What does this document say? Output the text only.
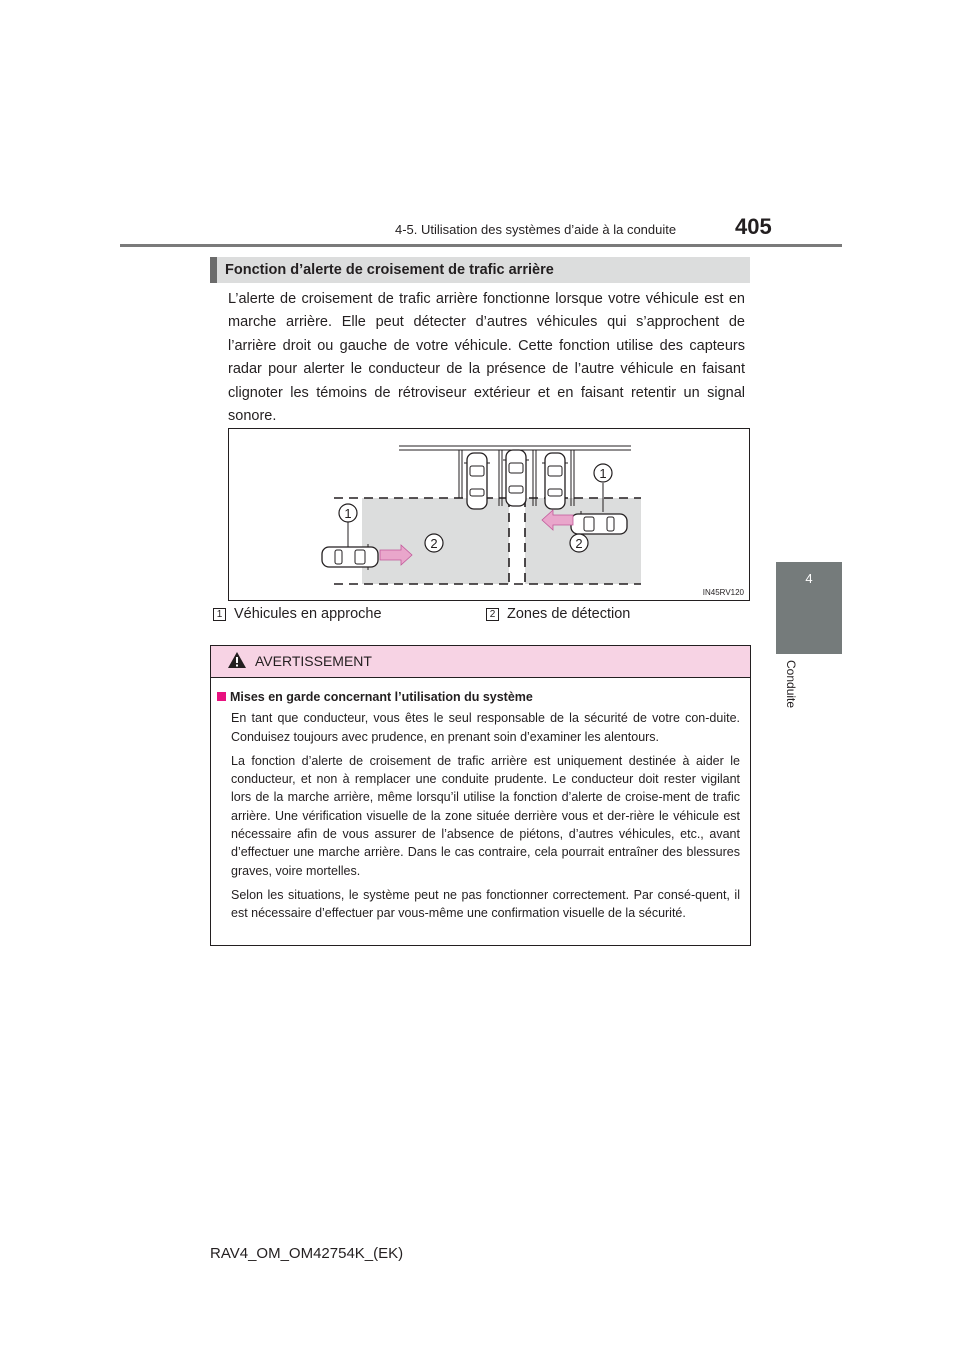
4-5. Utilisation des systèmes d’aide à la conduite	405
4
Conduite
Fonction d’alerte de croisement de trafic arrière
L’alerte de croisement de trafic arrière fonctionne lorsque votre véhicule est en marche arrière. Elle peut détecter d’autres véhicules qui s’approchent de l’arrière droit ou gauche de votre véhicule. Cette fonction utilise des capteurs radar pour alerter le conducteur de la présence de l’autre véhicule en faisant clignoter les témoins de rétroviseur extérieur et en faisant retentir un signal sonore.
1
1
2	2
IN45RV120
1 Véhicules en approche	2 Zones de détection
AVERTISSEMENT
Mises en garde concernant l’utilisation du système

En tant que conducteur, vous êtes le seul responsable de la sécurité de votre con-duite. Conduisez toujours avec prudence, en prenant soin d’examiner les alentours.

La fonction d’alerte de croisement de trafic arrière est uniquement destinée à aider le conducteur, et non à remplacer une conduite prudente. Le conducteur doit rester vigilant lors de la marche arrière, même lorsqu’il utilise la fonction d’alerte de croise-ment de trafic arrière. Une vérification visuelle de la zone située derrière vous et der-rière le véhicule est nécessaire afin de vous assurer de l’absence de piétons, d’autres véhicules, etc., avant d’effectuer une marche arrière. Dans le cas contraire, cela pourrait entraîner des blessures graves, voire mortelles.

Selon les situations, le système peut ne pas fonctionner correctement. Par consé-quent, il est nécessaire d’effectuer par vous-même une confirmation visuelle de la sécurité.

RAV4_OM_OM42754K_(EK)
